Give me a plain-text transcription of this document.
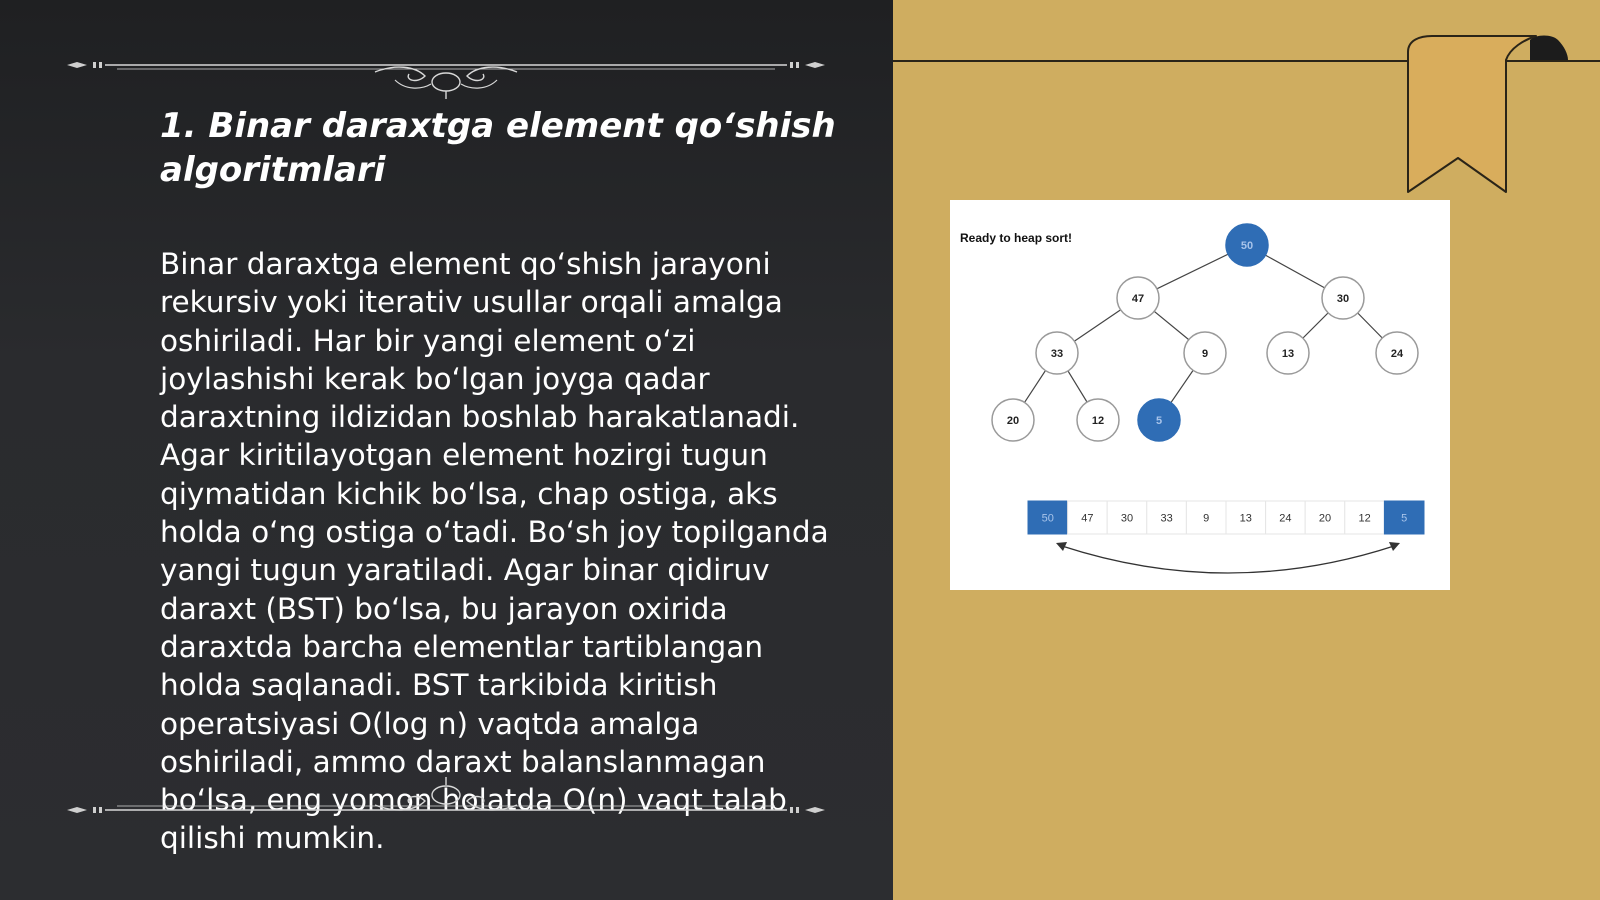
1. Binar daraxtga element qo‘shish algoritmlari

Binar daraxtga element qo‘shish jarayoni rekursiv yoki iterativ usullar orqali amalga oshiriladi. Har bir yangi element o‘zi joylashishi kerak bo‘lgan joyga qadar daraxtning ildizidan boshlab harakatlanadi. Agar kiritilayotgan element hozirgi tugun qiymatidan kichik bo‘lsa, chap ostiga, aks holda o‘ng ostiga o‘tadi. Bo‘sh joy topilganda yangi tugun yaratiladi. Agar binar qidiruv daraxt (BST) bo‘lsa, bu jarayon oxirida daraxtda barcha elementlar tartiblangan holda saqlanadi. BST tarkibida kiritish operatsiyasi O(log n) vaqtda amalga oshiriladi, ammo daraxt balanslanmagan bo‘lsa, eng yomon holatda O(n) vaqt talab qilishi mumkin.

Ready to heap sort!
50
47	30
33	9	13	24
20	12	5
50 47 30 33	9	13 24 20 12	5
